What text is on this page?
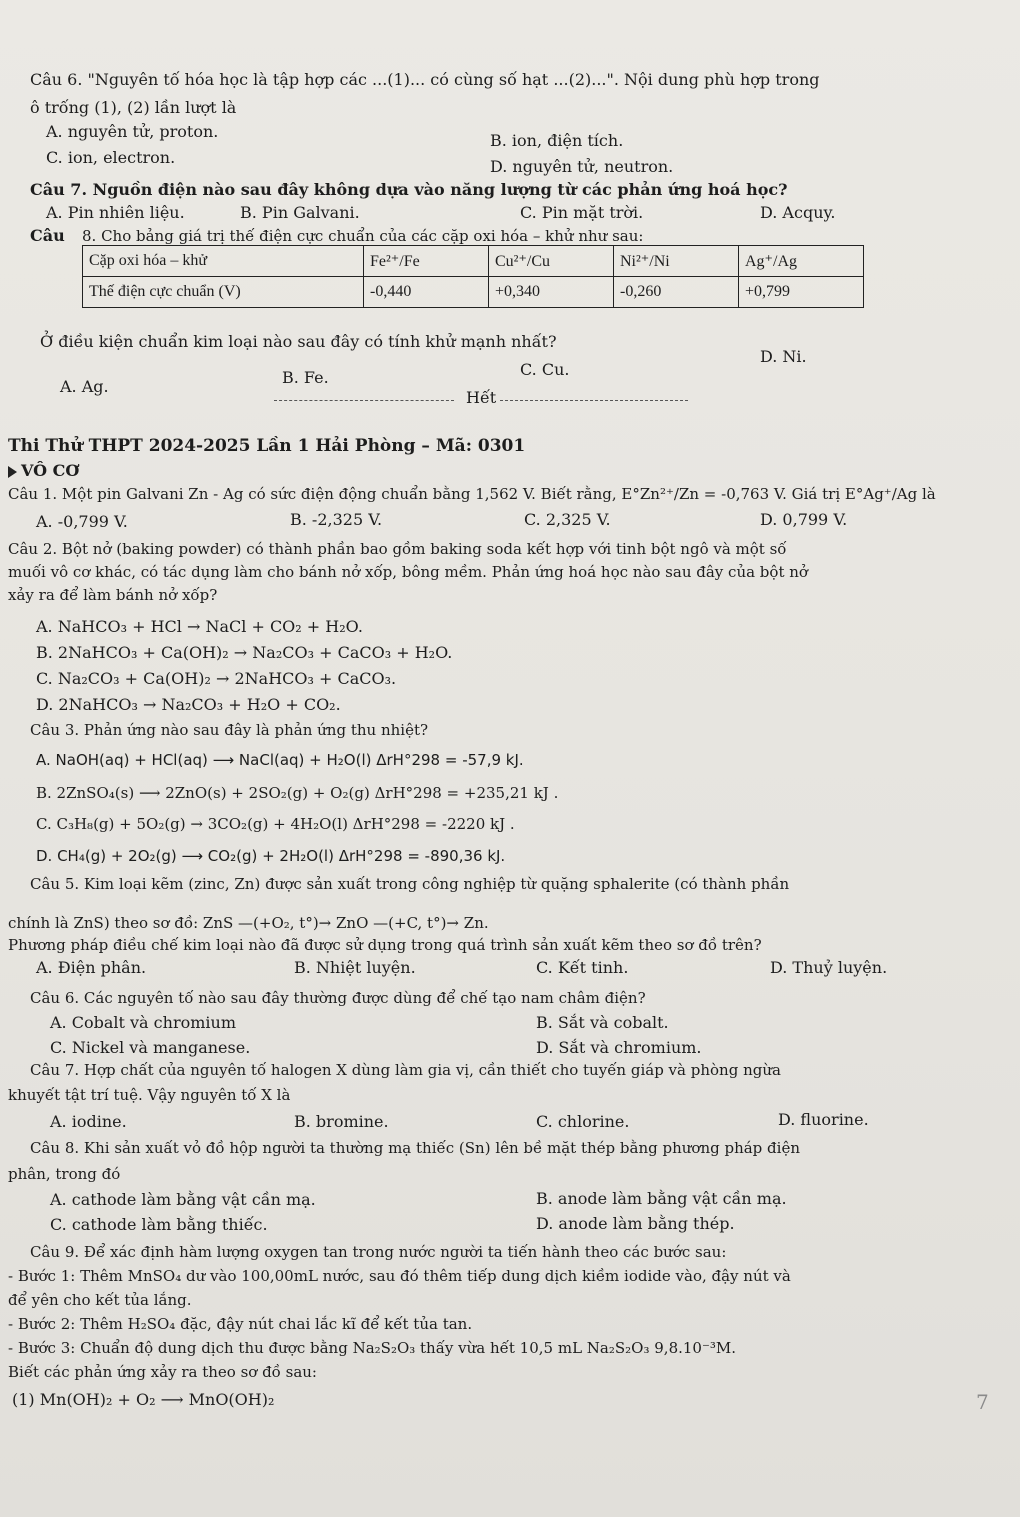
Câu 6. "Nguyên tố hóa học là tập hợp các ...(1)... có cùng số hạt ...(2)...". Nội dung phù hợp trong
ô trống (1), (2) lần lượt là
A. nguyên tử, proton.	B. ion, điện tích.
C. ion, electron.	D. nguyên tử, neutron.
Câu 7. Nguồn điện nào sau đây không dựa vào năng lượng từ các phản ứng hoá học?
A. Pin nhiên liệu.	B. Pin Galvani.	C. Pin mặt trời.	D. Acquy.
Câu 8. Cho bảng giá trị thế điện cực chuẩn của các cặp oxi hóa – khử như sau:
Cặp oxi hóa – khử	Fe²⁺/Fe	Cu²⁺/Cu	Ni²⁺/Ni	Ag⁺/Ag
Thế điện cực chuẩn (V)	-0,440	+0,340	-0,260	+0,799
Ở điều kiện chuẩn kim loại nào sau đây có tính khử mạnh nhất?
D. Ni.
C. Cu.
B. Fe.
A. Ag.
Hết
Thi Thử THPT 2024-2025 Lần 1 Hải Phòng – Mã: 0301
VÔ CƠ
Câu 1. Một pin Galvani Zn - Ag có sức điện động chuẩn bằng 1,562 V. Biết rằng, E°Zn²⁺/Zn = -0,763 V. Giá trị E°Ag⁺/Ag là
A. -0,799 V.	B. -2,325 V.	C. 2,325 V.	D. 0,799 V.
Câu 2. Bột nở (baking powder) có thành phần bao gồm baking soda kết hợp với tinh bột ngô và một số
muối vô cơ khác, có tác dụng làm cho bánh nở xốp, bông mềm. Phản ứng hoá học nào sau đây của bột nở
xảy ra để làm bánh nở xốp?
A. NaHCO₃ + HCl → NaCl + CO₂ + H₂O.
B. 2NaHCO₃ + Ca(OH)₂ → Na₂CO₃ + CaCO₃ + H₂O.
C. Na₂CO₃ + Ca(OH)₂ → 2NaHCO₃ + CaCO₃.
D. 2NaHCO₃ → Na₂CO₃ + H₂O + CO₂.
Câu 3. Phản ứng nào sau đây là phản ứng thu nhiệt?
A. NaOH(aq) + HCl(aq) ⟶ NaCl(aq) + H₂O(l) ΔrH°298 = -57,9 kJ.
B. 2ZnSO₄(s) ⟶ 2ZnO(s) + 2SO₂(g) + O₂(g) ΔrH°298 = +235,21 kJ .
C. C₃H₈(g) + 5O₂(g) → 3CO₂(g) + 4H₂O(l) ΔrH°298 = -2220 kJ .
D. CH₄(g) + 2O₂(g) ⟶ CO₂(g) + 2H₂O(l) ΔrH°298 = -890,36 kJ.
Câu 5. Kim loại kẽm (zinc, Zn) được sản xuất trong công nghiệp từ quặng sphalerite (có thành phần
chính là ZnS) theo sơ đồ: ZnS —(+O₂, t°)→ ZnO —(+C, t°)→ Zn.
Phương pháp điều chế kim loại nào đã được sử dụng trong quá trình sản xuất kẽm theo sơ đồ trên?
A. Điện phân.	B. Nhiệt luyện.	C. Kết tinh.	D. Thuỷ luyện.
Câu 6. Các nguyên tố nào sau đây thường được dùng để chế tạo nam châm điện?
A. Cobalt và chromium	B. Sắt và cobalt.
C. Nickel và manganese.	D. Sắt và chromium.
Câu 7. Hợp chất của nguyên tố halogen X dùng làm gia vị, cần thiết cho tuyến giáp và phòng ngừa
khuyết tật trí tuệ. Vậy nguyên tố X là
A. iodine.	B. bromine.	C. chlorine.	D. fluorine.
Câu 8. Khi sản xuất vỏ đồ hộp người ta thường mạ thiếc (Sn) lên bề mặt thép bằng phương pháp điện
phân, trong đó
A. cathode làm bằng vật cần mạ.	B. anode làm bằng vật cần mạ.
C. cathode làm bằng thiếc.	D. anode làm bằng thép.
Câu 9. Để xác định hàm lượng oxygen tan trong nước người ta tiến hành theo các bước sau:
- Bước 1: Thêm MnSO₄ dư vào 100,00mL nước, sau đó thêm tiếp dung dịch kiềm iodide vào, đậy nút và
để yên cho kết tủa lắng.
- Bước 2: Thêm H₂SO₄ đặc, đậy nút chai lắc kĩ để kết tủa tan.
- Bước 3: Chuẩn độ dung dịch thu được bằng Na₂S₂O₃ thấy vừa hết 10,5 mL Na₂S₂O₃ 9,8.10⁻³M.
Biết các phản ứng xảy ra theo sơ đồ sau:
(1) Mn(OH)₂ + O₂ ⟶ MnO(OH)₂	7
